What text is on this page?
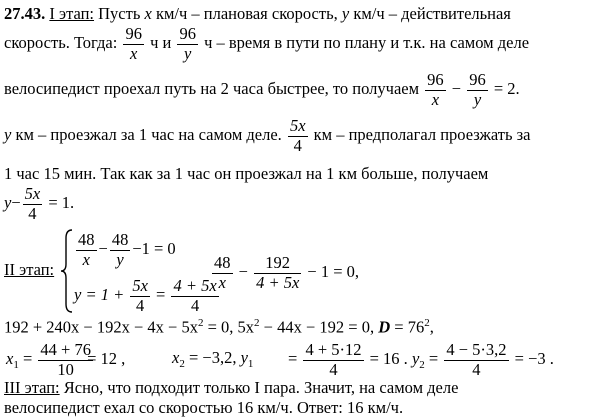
27.43. I этап: Пусть x км/ч – плановая скорость, y км/ч – действительная
скорость. Тогда: $\frac{96}{x}$ ч и $\frac{96}{y}$ ч – время в пути по плану и т.к. на самом деле
велосипедист проехал путь на 2 часа быстрее, то получаем $\frac{96}{x} - \frac{96}{y} = 2$.
y км – проезжал за 1 час на самом деле. $\frac{5x}{4}$ км – предполагал проезжать за
1 час 15 мин. Так как за 1 час он проезжал на 1 км больше, получаем
$y- \frac{5x}{4} = 1$.
II этап:
$\frac{48}{x} - \frac{48}{y} -1 = 0$
$y = 1 + \frac{5x}{4} = \frac{4 + 5x}{4}$
$\frac{48}{x} - \frac{192}{4 + 5x} - 1 = 0$,
$192 + 240x - 192x - 4x - 5x^2 = 0$, $5x^2 - 44x - 192 = 0$, $D = 76^2$,
$x_1 = \frac{44 + 76}{10}$
= 12 ,	$x_2 = -3,2$, $y_1 = \frac{4 + 5\cdot 12}{4} = 16$ . $y_2 = \frac{4 - 5\cdot 3,2}{4} = -3$ .
III этап: Ясно, что подходит только I пара. Значит, на самом деле
велосипедист ехал со скоростью 16 км/ч. Ответ: 16 км/ч.
